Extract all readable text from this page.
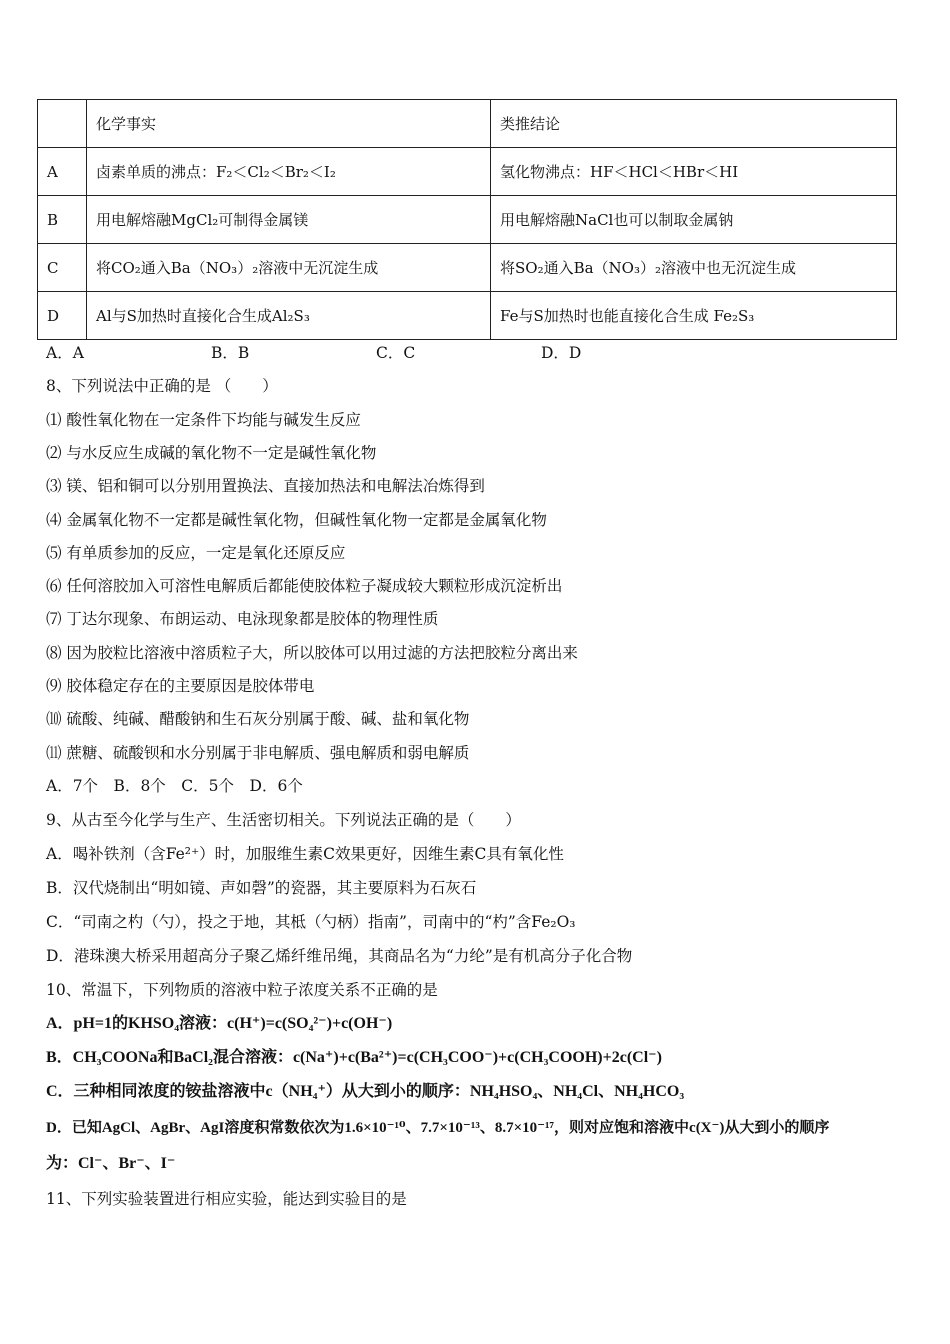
	化学事实	类推结论
A	卤素单质的沸点：F₂＜Cl₂＜Br₂＜I₂	氢化物沸点：HF＜HCl＜HBr＜HI
B	用电解熔融MgCl₂可制得金属镁	用电解熔融NaCl也可以制取金属钠
C	将CO₂通入Ba（NO₃）₂溶液中无沉淀生成	将SO₂通入Ba（NO₃）₂溶液中也无沉淀生成
D	Al与S加热时直接化合生成Al₂S₃	Fe与S加热时也能直接化合生成 Fe₂S₃
A．A	B．B	C．C	D．D
8、下列说法中正确的是 （　　）
⑴ 酸性氧化物在一定条件下均能与碱发生反应
⑵ 与水反应生成碱的氧化物不一定是碱性氧化物
⑶ 镁、铝和铜可以分别用置换法、直接加热法和电解法冶炼得到
⑷ 金属氧化物不一定都是碱性氧化物，但碱性氧化物一定都是金属氧化物
⑸ 有单质参加的反应，一定是氧化还原反应
⑹ 任何溶胶加入可溶性电解质后都能使胶体粒子凝成较大颗粒形成沉淀析出
⑺ 丁达尔现象、布朗运动、电泳现象都是胶体的物理性质
⑻ 因为胶粒比溶液中溶质粒子大，所以胶体可以用过滤的方法把胶粒分离出来
⑼ 胶体稳定存在的主要原因是胶体带电
⑽ 硫酸、纯碱、醋酸钠和生石灰分别属于酸、碱、盐和氧化物
⑾ 蔗糖、硫酸钡和水分别属于非电解质、强电解质和弱电解质
A．7个　B．8个　C．5个　D．6个
9、从古至今化学与生产、生活密切相关。下列说法正确的是（　　）
A．喝补铁剂（含Fe²⁺）时，加服维生素C效果更好，因维生素C具有氧化性
B．汉代烧制出“明如镜、声如磬”的瓷器，其主要原料为石灰石
C．“司南之杓（勺），投之于地，其柢（勺柄）指南”，司南中的“杓”含Fe₂O₃
D．港珠澳大桥采用超高分子聚乙烯纤维吊绳，其商品名为“力纶”是有机高分子化合物
10、常温下，下列物质的溶液中粒子浓度关系不正确的是
A．pH=1的KHSO₄溶液：c(H⁺)=c(SO₄²⁻)+c(OH⁻)
B．CH₃COONa和BaCl₂混合溶液：c(Na⁺)+c(Ba²⁺)=c(CH₃COO⁻)+c(CH₃COOH)+2c(Cl⁻)
C．三种相同浓度的铵盐溶液中c（NH₄⁺）从大到小的顺序：NH₄HSO₄、NH₄Cl、NH₄HCO₃
D．已知AgCl、AgBr、AgI溶度积常数依次为1.6×10⁻¹⁰、7.7×10⁻¹³、8.7×10⁻¹⁷，则对应饱和溶液中c(X⁻)从大到小的顺序
为：Cl⁻、Br⁻、I⁻
11、下列实验装置进行相应实验，能达到实验目的是
